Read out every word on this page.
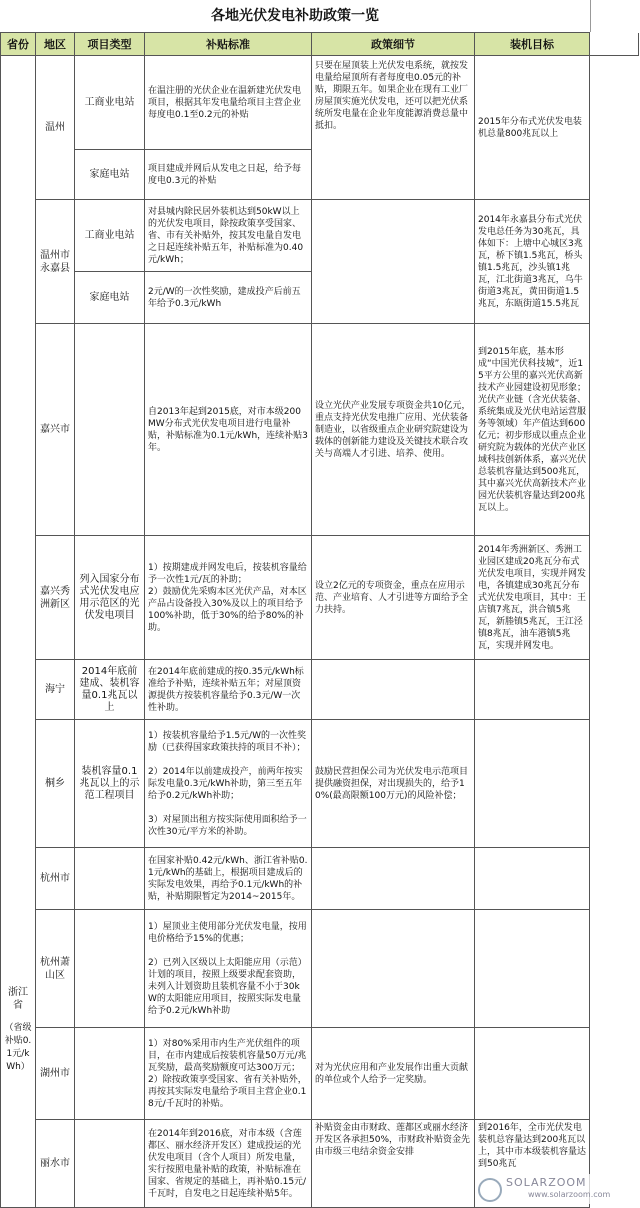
各地光伏发电补助政策一览
省份	地区	项目类型	补贴标准	政策细节	装机目标	

浙江省
（省级补贴0.1元/kWh）	温州	工商业电站	在温注册的光伏企业在温新建光伏发电项目，根据其年发电量给项目主营企业每度电0.1至0.2元的补贴	只要在屋顶装上光伏发电系统，就按发电量给屋顶所有者每度电0.05元的补贴，期限五年。如果企业在现有工业厂房屋顶实施光伏发电，还可以把光伏系统所发电量在企业年度能源消费总量中抵扣。	2015年分布式光伏发电装机总量800兆瓦以上	
		家庭电站	项目建成并网后从发电之日起，给予每度电0.3元的补贴			
	温州市永嘉县	工商业电站	对县城内除民居外装机达到50kW以上的光伏发电项目，除按政策享受国家、省、市有关补贴外，按其发电量自发电之日起连续补贴五年，补贴标准为0.40元/kWh；		2014年永嘉县分布式光伏发电总任务为30兆瓦，具体如下：上塘中心城区3兆瓦，桥下镇1.5兆瓦，桥头镇1.5兆瓦，沙头镇1兆瓦，江北街道3兆瓦，乌牛街道3兆瓦，黄田街道1.5兆瓦，东瓯街道15.5兆瓦	
		家庭电站	2元/W的一次性奖励，建成投产后前五年给予0.3元/kWh			
	嘉兴市		自2013年起到2015底，对市本级200MW分布式光伏发电项目进行电量补贴，补贴标准为0.1元/kWh，连续补贴3年。	设立光伏产业发展专项资金共10亿元，重点支持光伏发电推广应用、光伏装备制造业，以省级重点企业研究院建设为载体的创新能力建设及关键技术联合攻关与高端人才引进、培养、使用。	到2015年底，基本形成“中国光伏科技城”，近15平方公里的嘉兴光伏高新技术产业园建设初见形象；光伏产业链（含光伏装备、系统集成及光伏电站运营服务等领域）年产值达到600亿元；初步形成以重点企业研究院为载体的光伏产业区域科技创新体系，嘉兴光伏总装机容量达到500兆瓦，其中嘉兴光伏高新技术产业园光伏装机容量达到200兆瓦以上。	
	嘉兴秀洲新区	列入国家分布式光伏发电应用示范区的光伏发电项目	1）按期建成并网发电后，按装机容量给予一次性1元/瓦的补助；
2）鼓励优先采购本区光伏产品，对本区产品占设备投入30%及以上的项目给予100%补助，低于30%的给予80%的补助。	设立2亿元的专项资金，重点在应用示范、产业培育、人才引进等方面给予全力扶持。	2014年秀洲新区、秀洲工业园区建成20兆瓦分布式光伏发电项目，实现并网发电，各镇建成30兆瓦分布式光伏发电项目，其中：王店镇7兆瓦，洪合镇5兆瓦，新塍镇5兆瓦，王江泾镇8兆瓦，油车港镇5兆瓦，实现并网发电。	
	海宁	2014年底前建成、装机容量0.1兆瓦以上	在2014年底前建成的按0.35元/kWh标准给予补贴，连续补贴五年；对屋顶资源提供方按装机容量给予0.3元/W一次性补助。			
	桐乡	装机容量0.1兆瓦以上的示范工程项目	1）按装机容量给予1.5元/W的一次性奖励（已获得国家政策扶持的项目不补）；

2）2014年以前建成投产，前两年按实际发电量0.3元/kWh补助，第三至五年给予0.2元/kWh补助；

3）对屋顶出租方按实际使用面积给予一次性30元/平方米的补助。	鼓励民营担保公司为光伏发电示范项目提供融资担保，对出现损失的，给予10%(最高限额100万元)的风险补偿；		
	杭州市		在国家补贴0.42元/kWh、浙江省补贴0.1元/kWh的基础上，根据项目建成后的实际发电效果，再给予0.1元/kWh的补贴，补贴期限暂定为2014~2015年。			
	杭州萧山区		1）屋顶业主使用部分光伏发电量，按用电价格给予15%的优惠；

2）已列入区级以上太阳能应用（示范）计划的项目，按照上级要求配套资助，未列入计划资助且装机容量不小于30kW的太阳能应用项目，按照实际发电量给予0.2元/kWh补助			
	湖州市		1）对80%采用市内生产光伏组件的项目，在市内建成后按装机容量50万元/兆瓦奖励，最高奖励额度可达300万元；
2）除按政策享受国家、省有关补贴外，再按其实际发电量给予项目主营企业0.18元/千瓦时的补贴。	对为光伏应用和产业发展作出重大贡献的单位或个人给予一定奖励。		
	丽水市		在2014年到2016底，对市本级（含莲都区、丽水经济开发区）建成投运的光伏发电项目（含个人项目）所发电量，实行按照电量补贴的政策，补贴标准在国家、省规定的基础上，再补贴0.15元/千瓦时，自发电之日起连续补贴5年。	补贴资金由市财政、莲都区或丽水经济开发区各承担50%，市财政补贴资金先由市级三电结余资金安排	到2016年，全市光伏发电装机总容量达到200兆瓦以上，其中市本级装机容量达到50兆瓦	
SOLARZOOM
www.solarzoom.com
